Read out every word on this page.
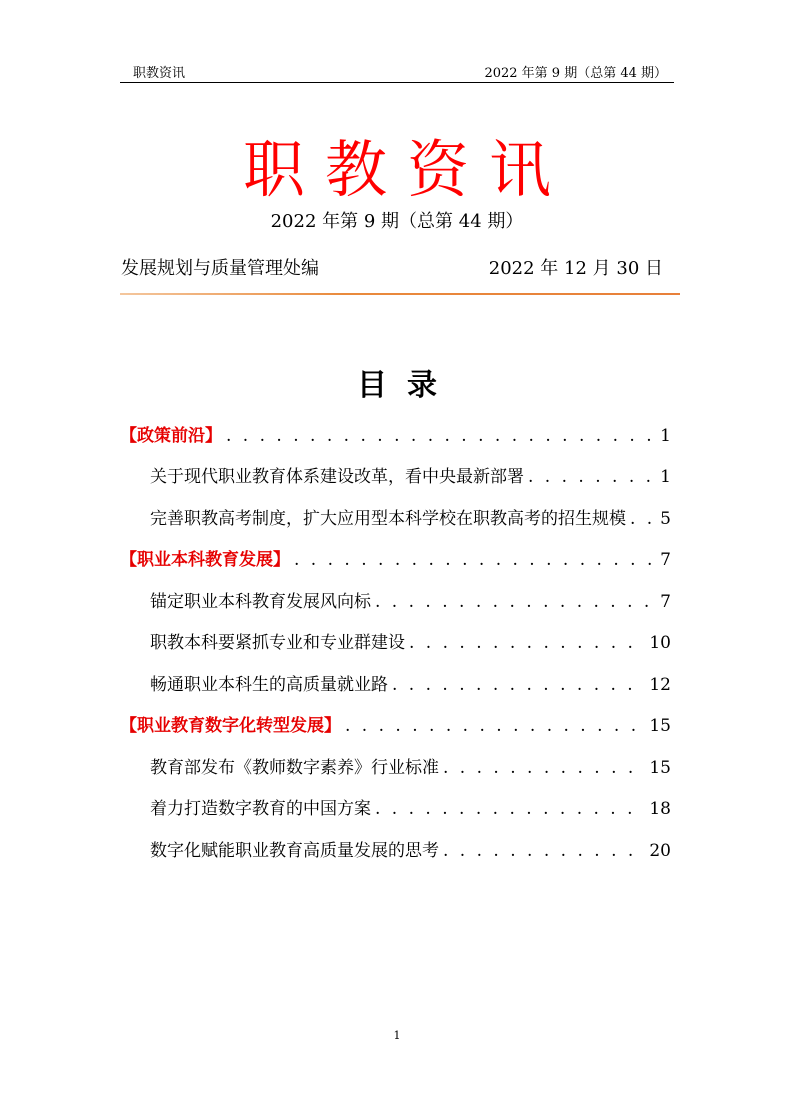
职教资讯	2022 年第 9 期（总第 44 期）
职教资讯
2022 年第 9 期（总第 44 期）
发展规划与质量管理处编	2022 年 12 月 30 日
目录
【政策前沿】 . . .	1
关于现代职业教育体系建设改革，看中央最新部署 . . .	1
完善职教高考制度，扩大应用型本科学校在职教高考的招生规模 . . . 5
【职业本科教育发展】 . . .	7
锚定职业本科教育发展风向标 . . .	7
职教本科要紧抓专业和专业群建设 . . .	10
畅通职业本科生的高质量就业路 . . .	12
【职业教育数字化转型发展】 . . .	15
教育部发布《教师数字素养》行业标准 . . .	15
着力打造数字教育的中国方案 . . .	18
数字化赋能职业教育高质量发展的思考 . . .	20
1
